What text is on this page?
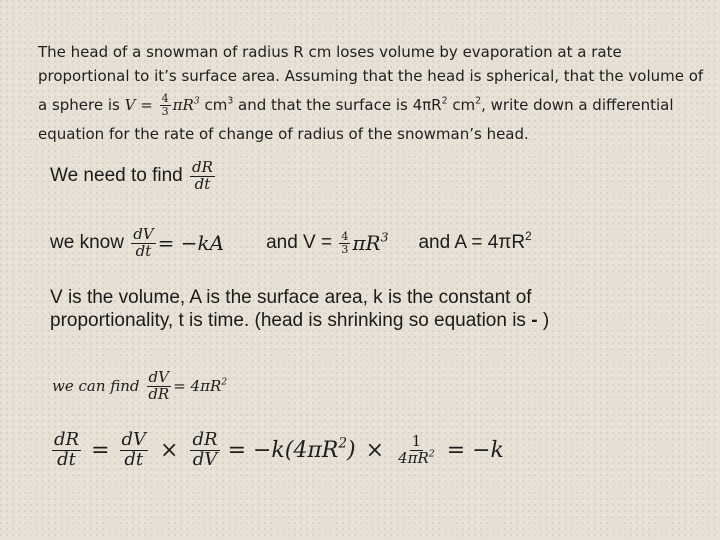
The head of a snowman of radius R cm loses volume by evaporation at a rate
proportional to it’s surface area. Assuming that the head is spherical, that the volume of
a sphere is
V
=
$\frac{4}{3} \pi R^3$
$cm^3$
and that the surface is $4\pi R^2$
$cm^2$ , write down a differential
equation for the rate of change of radius of the snowman’s head.
We need to find
$\frac{dR}{dt}$
we know
$\frac{dV}{dt} = -kA$ and V =
$\frac{4}{3} \pi R^3$ and $A = 4\pi R^2$
V is the volume, A is the surface area, k is the constant of
proportionality, t is time. (head is shrinking so equation is - )
we can find
$\frac{dV}{dR} = 4\pi R^2$
$\frac{dR}{dt} = \frac{dV}{dt} \times \frac{dR}{dV} = -k(4\pi R^2) \times \frac{1}{4\pi R^2} = -k$
